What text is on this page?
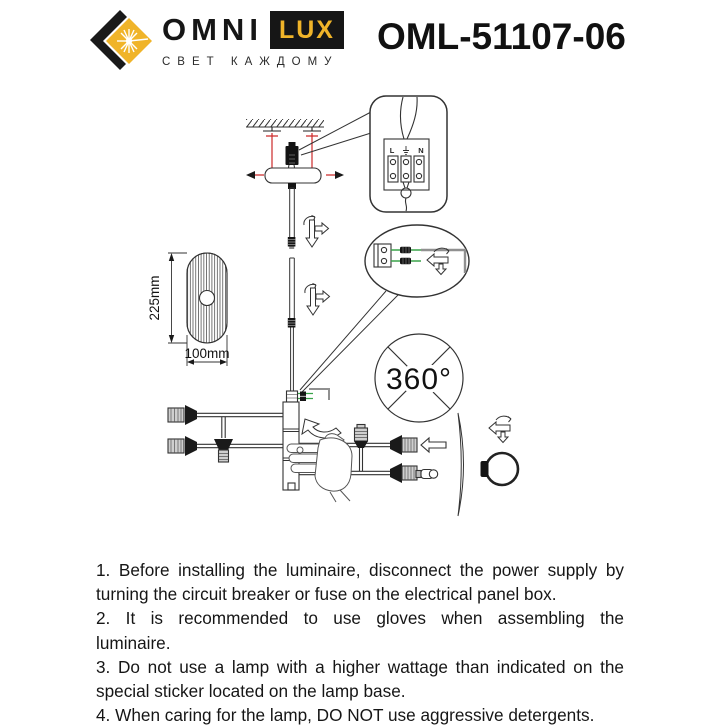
OMNI LUX
СВЕТ КАЖДОМУ
OML-51107-06
L	N
360°
225mm
100mm
1. Before installing the luminaire, disconnect the power supply by
turning the circuit breaker or fuse on the electrical panel box.
2. It is recommended to use gloves when assembling the
luminaire.
3. Do not use a lamp with a higher wattage than indicated on the
special sticker located on the lamp base.
4. When caring for the lamp, DO NOT use aggressive detergents.
